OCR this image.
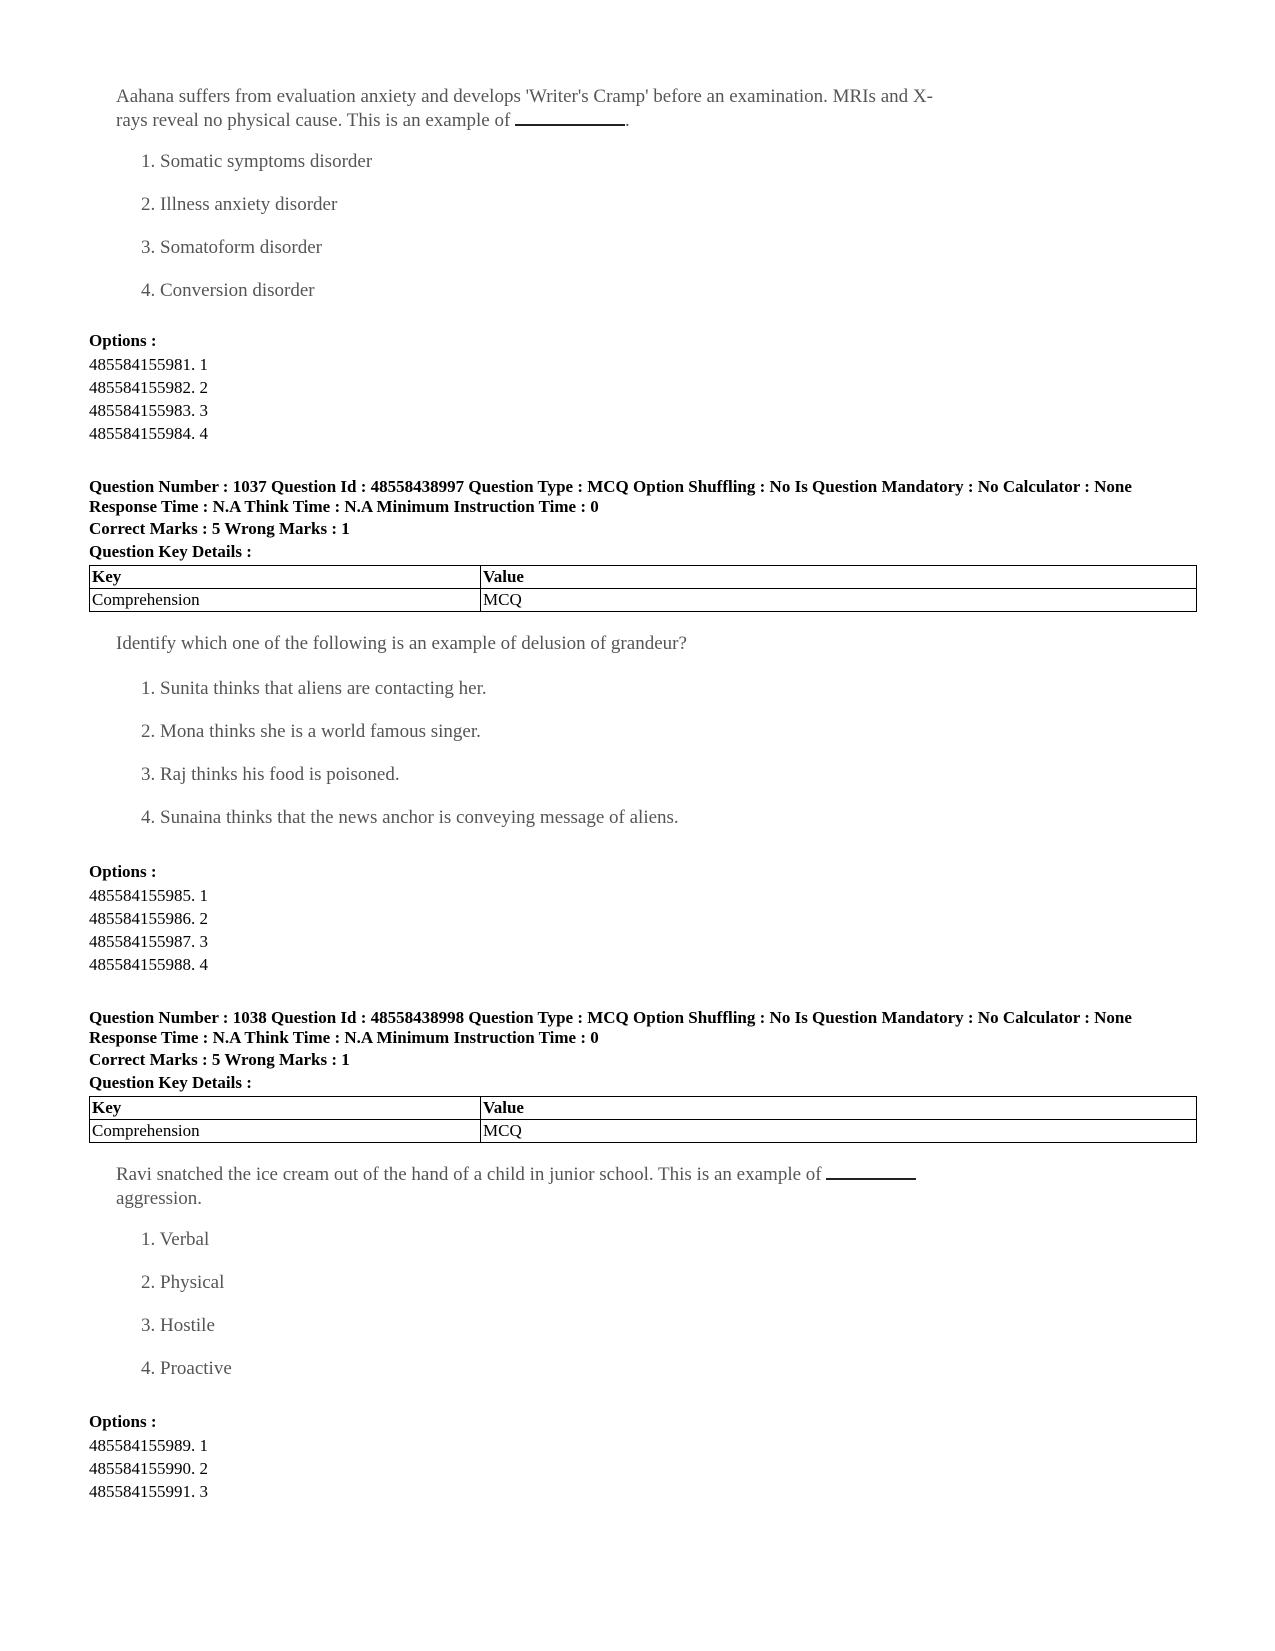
Aahana suffers from evaluation anxiety and develops 'Writer's Cramp' before an examination. MRIs and X-
rays reveal no physical cause. This is an example of	.
1. Somatic symptoms disorder
2. Illness anxiety disorder
3. Somatoform disorder
4. Conversion disorder
Options :
485584155981. 1
485584155982. 2
485584155983. 3
485584155984. 4
Question Number : 1037 Question Id : 48558438997 Question Type : MCQ Option Shuffling : No Is Question Mandatory : No Calculator : None
Response Time : N.A Think Time : N.A Minimum Instruction Time : 0
Correct Marks : 5 Wrong Marks : 1
Question Key Details :
Key	Value
Comprehension	MCQ
Identify which one of the following is an example of delusion of grandeur?
1. Sunita thinks that aliens are contacting her.
2. Mona thinks she is a world famous singer.
3. Raj thinks his food is poisoned.
4. Sunaina thinks that the news anchor is conveying message of aliens.
Options :
485584155985. 1
485584155986. 2
485584155987. 3
485584155988. 4
Question Number : 1038 Question Id : 48558438998 Question Type : MCQ Option Shuffling : No Is Question Mandatory : No Calculator : None
Response Time : N.A Think Time : N.A Minimum Instruction Time : 0
Correct Marks : 5 Wrong Marks : 1
Question Key Details :
Key	Value
Comprehension	MCQ
Ravi snatched the ice cream out of the hand of a child in junior school. This is an example of
aggression.
1. Verbal
2. Physical
3. Hostile
4. Proactive
Options :
485584155989. 1
485584155990. 2
485584155991. 3
